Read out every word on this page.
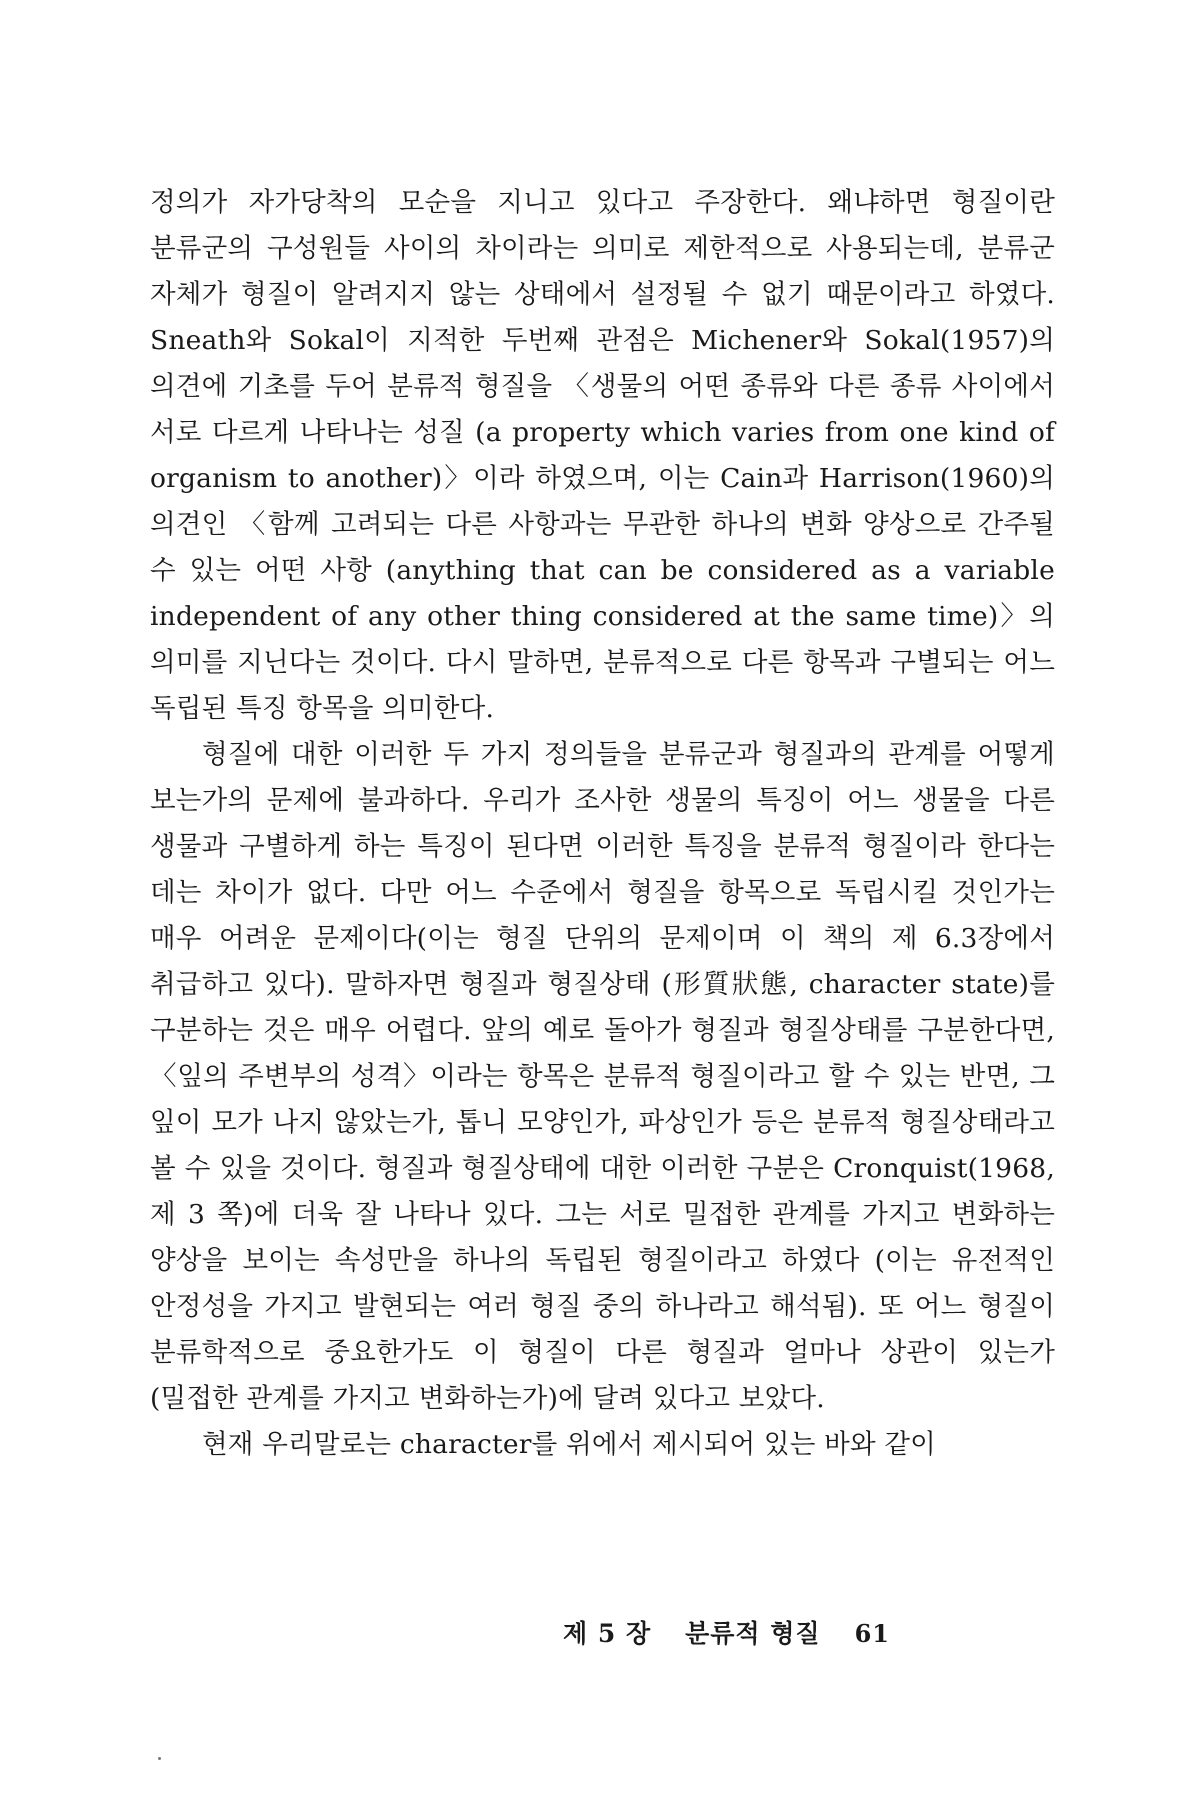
정의가 자가당착의 모순을 지니고 있다고 주장한다. 왜냐하면 형질이란 분류군의 구성원들 사이의 차이라는 의미로 제한적으로 사용되는데, 분류군 자체가 형질이 알려지지 않는 상태에서 설정될 수 없기 때문이라고 하였다. Sneath와 Sokal이 지적한 두번째 관점은 Michener와 Sokal(1957)의 의견에 기초를 두어 분류적 형질을 〈생물의 어떤 종류와 다른 종류 사이에서 서로 다르게 나타나는 성질 (a property which varies from one kind of organism to another)〉이라 하였으며, 이는 Cain과 Harrison(1960)의 의견인 〈함께 고려되는 다른 사항과는 무관한 하나의 변화 양상으로 간주될 수 있는 어떤 사항 (anything that can be considered as a variable independent of any other thing considered at the same time)〉의 의미를 지닌다는 것이다. 다시 말하면, 분류적으로 다른 항목과 구별되는 어느 독립된 특징 항목을 의미한다.

형질에 대한 이러한 두 가지 정의들을 분류군과 형질과의 관계를 어떻게 보는가의 문제에 불과하다. 우리가 조사한 생물의 특징이 어느 생물을 다른 생물과 구별하게 하는 특징이 된다면 이러한 특징을 분류적 형질이라 한다는 데는 차이가 없다. 다만 어느 수준에서 형질을 항목으로 독립시킬 것인가는 매우 어려운 문제이다(이는 형질 단위의 문제이며 이 책의 제 6.3장에서 취급하고 있다). 말하자면 형질과 형질상태 (形質狀態, character state)를 구분하는 것은 매우 어렵다. 앞의 예로 돌아가 형질과 형질상태를 구분한다면, 〈잎의 주변부의 성격〉이라는 항목은 분류적 형질이라고 할 수 있는 반면, 그 잎이 모가 나지 않았는가, 톱니 모양인가, 파상인가 등은 분류적 형질상태라고 볼 수 있을 것이다. 형질과 형질상태에 대한 이러한 구분은 Cronquist(1968, 제 3 쪽)에 더욱 잘 나타나 있다. 그는 서로 밀접한 관계를 가지고 변화하는 양상을 보이는 속성만을 하나의 독립된 형질이라고 하였다 (이는 유전적인 안정성을 가지고 발현되는 여러 형질 중의 하나라고 해석됨). 또 어느 형질이 분류학적으로 중요한가도 이 형질이 다른 형질과 얼마나 상관이 있는가(밀접한 관계를 가지고 변화하는가)에 달려 있다고 보았다.

현재 우리말로는 character를 위에서 제시되어 있는 바와 같이

제 5 장 분류적 형질 61
